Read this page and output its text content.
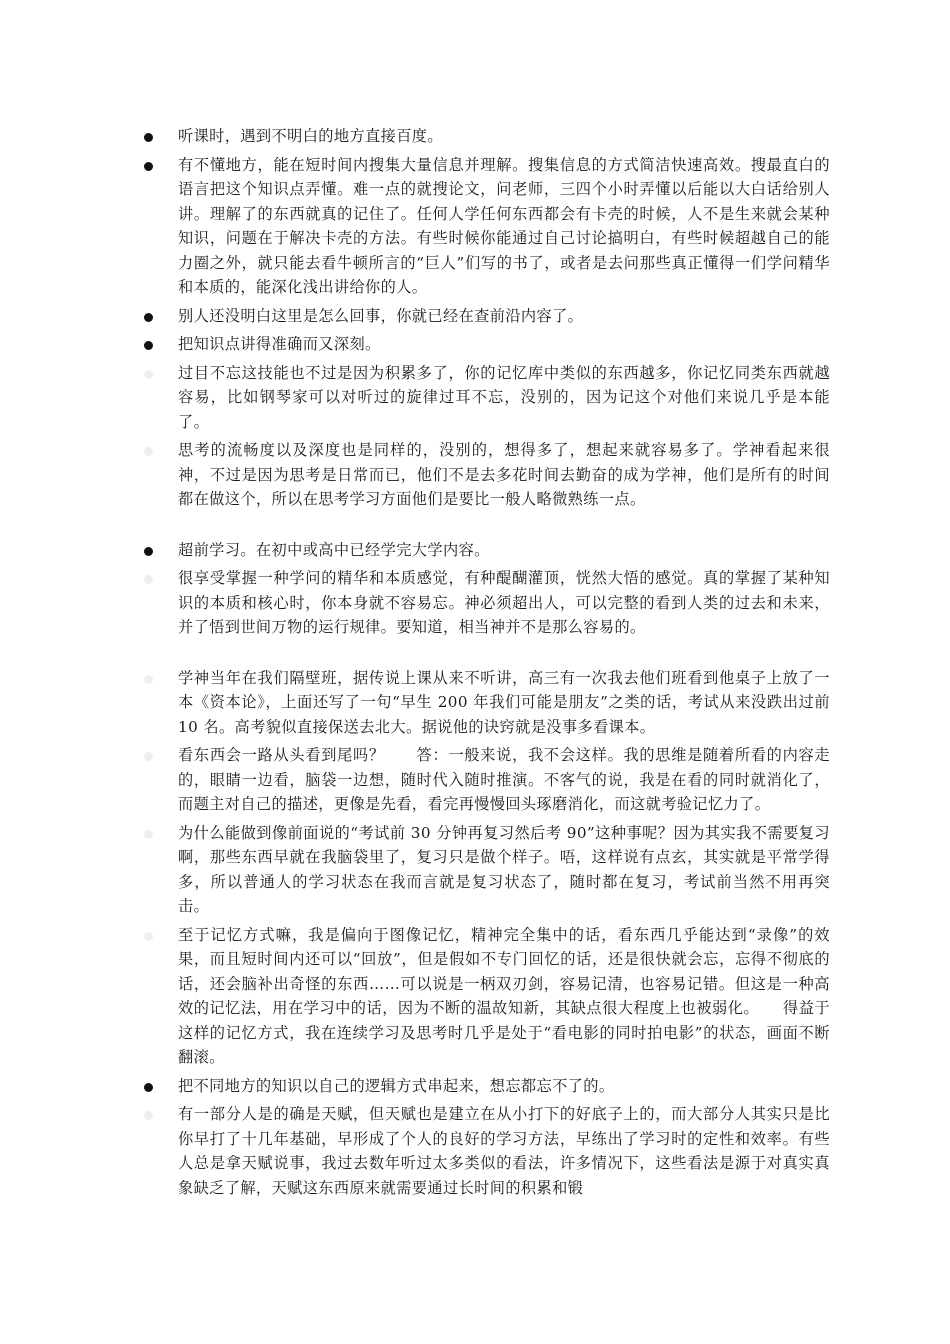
听课时，遇到不明白的地方直接百度。
有不懂地方，能在短时间内搜集大量信息并理解。搜集信息的方式简洁快速高效。搜最直白的语言把这个知识点弄懂。难一点的就搜论文，问老师，三四个小时弄懂以后能以大白话给别人讲。理解了的东西就真的记住了。任何人学任何东西都会有卡壳的时候，人不是生来就会某种知识，问题在于解决卡壳的方法。有些时候你能通过自己讨论搞明白，有些时候超越自己的能力圈之外，就只能去看牛顿所言的“巨人”们写的书了，或者是去问那些真正懂得一们学问精华和本质的，能深化浅出讲给你的人。
别人还没明白这里是怎么回事，你就已经在查前沿内容了。
把知识点讲得准确而又深刻。
过目不忘这技能也不过是因为积累多了，你的记忆库中类似的东西越多，你记忆同类东西就越容易，比如钢琴家可以对听过的旋律过耳不忘，没别的，因为记这个对他们来说几乎是本能了。
思考的流畅度以及深度也是同样的，没别的，想得多了，想起来就容易多了。学神看起来很神，不过是因为思考是日常而已，他们不是去多花时间去勤奋的成为学神，他们是所有的时间都在做这个，所以在思考学习方面他们是要比一般人略微熟练一点。
超前学习。在初中或高中已经学完大学内容。
很享受掌握一种学问的精华和本质感觉，有种醍醐灌顶，恍然大悟的感觉。真的掌握了某种知识的本质和核心时，你本身就不容易忘。神必须超出人，可以完整的看到人类的过去和未来，并了悟到世间万物的运行规律。要知道，相当神并不是那么容易的。
学神当年在我们隔壁班，据传说上课从来不听讲，高三有一次我去他们班看到他桌子上放了一本《资本论》，上面还写了一句“早生 200 年我们可能是朋友”之类的话，考试从来没跌出过前 10 名。高考貌似直接保送去北大。据说他的诀窍就是没事多看课本。
看东西会一路从头看到尾吗？　　答：一般来说，我不会这样。我的思维是随着所看的内容走的，眼睛一边看，脑袋一边想，随时代入随时推演。不客气的说，我是在看的同时就消化了，而题主对自己的描述，更像是先看，看完再慢慢回头琢磨消化，而这就考验记忆力了。
为什么能做到像前面说的“考试前 30 分钟再复习然后考 90”这种事呢？因为其实我不需要复习啊，那些东西早就在我脑袋里了，复习只是做个样子。唔，这样说有点玄，其实就是平常学得多，所以普通人的学习状态在我而言就是复习状态了，随时都在复习，考试前当然不用再突击。
至于记忆方式嘛，我是偏向于图像记忆，精神完全集中的话，看东西几乎能达到“录像”的效果，而且短时间内还可以“回放”，但是假如不专门回忆的话，还是很快就会忘，忘得不彻底的话，还会脑补出奇怪的东西……可以说是一柄双刃剑，容易记清，也容易记错。但这是一种高效的记忆法，用在学习中的话，因为不断的温故知新，其缺点很大程度上也被弱化。　　得益于这样的记忆方式，我在连续学习及思考时几乎是处于“看电影的同时拍电影”的状态，画面不断翻滚。
把不同地方的知识以自己的逻辑方式串起来，想忘都忘不了的。
有一部分人是的确是天赋，但天赋也是建立在从小打下的好底子上的，而大部分人其实只是比你早打了十几年基础，早形成了个人的良好的学习方法，早练出了学习时的定性和效率。有些人总是拿天赋说事，我过去数年听过太多类似的看法，许多情况下，这些看法是源于对真实真象缺乏了解，天赋这东西原来就需要通过长时间的积累和锻
